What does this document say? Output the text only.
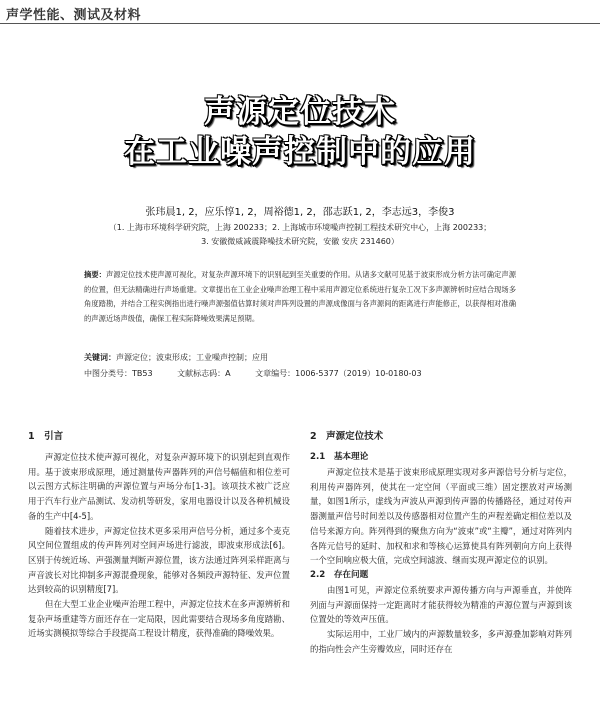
声学性能、测试及材料
声源定位技术
在工业噪声控制中的应用
张玮晨1, 2，应乐惇1, 2，周裕德1, 2，邵志跃1, 2，李志远3，李俊3
（1. 上海市环境科学研究院，上海 200233；2. 上海城市环境噪声控制工程技术研究中心，上海 200233；
3. 安徽微威减震降噪技术研究院，安徽 安庆 231460）
摘要：声源定位技术使声源可视化，对复杂声源环境下的识别起到至关重要的作用。从诸多文献可见基于波束形成分析方法可确定声源的位置，但无法精确进行声场重建。文章提出在工业企业噪声治理工程中采用声源定位系统进行复杂工况下多声源辨析时应结合现场多角度踏勘，并结合工程实例指出进行噪声源强值估算时须对声阵列设置的声源成像面与各声源间的距离进行声能修正，以获得相对准确的声源近场声级值，确保工程实际降噪效果满足预期。
关键词：声源定位；波束形成；工业噪声控制；应用
中图分类号：TB53	文献标志码：A	文章编号：1006-5377（2019）10-0180-03
1　引言

声源定位技术使声源可视化，对复杂声源环境下的识别起到直观作用。基于波束形成原理，通过测量传声器阵列的声信号幅值和相位差可以云图方式标注明确的声源位置与声场分布[1-3]。该项技术被广泛应用于汽车行业产品测试、发动机等研发，家用电器设计以及各种机械设备的生产中[4-5]。

随着技术进步，声源定位技术更多采用声信号分析，通过多个麦克风空间位置组成的传声阵列对空间声场进行滤波，即波束形成法[6]。区别于传统近场、声强测量判断声源位置，该方法通过阵列采样距离与声音波长对比抑制多声源混叠现象，能够对各频段声源特征、发声位置达到较高的识别精度[7]。

但在大型工业企业噪声治理工程中，声源定位技术在多声源辨析和复杂声场重建等方面还存在一定局限，因此需要结合现场多角度踏勘、近场实测模拟等综合手段提高工程设计精度，获得准确的降噪效果。

2　声源定位技术
2.1　基本理论

声源定位技术是基于波束形成原理实现对多声源信号分析与定位，利用传声器阵列，使其在一定空间（平面或三维）固定摆放对声场测量，如图1所示，虚线为声波从声源到传声器的传播路径，通过对传声器测量声信号时间差以及传感器相对位置产生的声程差确定相位差以及信号来源方向。阵列得到的聚焦方向为“波束”或“主瓣”，通过对阵列内各阵元信号的延时、加权和求和等核心运算使具有阵列朝向方向上获得一个空间响应极大值，完成空间滤波、继而实现声源定位的识别。

2.2　存在问题

由图1可见，声源定位系统要求声源传播方向与声源垂直，并使阵列面与声源面保持一定距离时才能获得较为精准的声源位置与声源到该位置处的等效声压值。

实际运用中，工业厂域内的声源数量较多，多声源叠加影响对阵列的指向性会产生旁瓣效应，同时还存在
